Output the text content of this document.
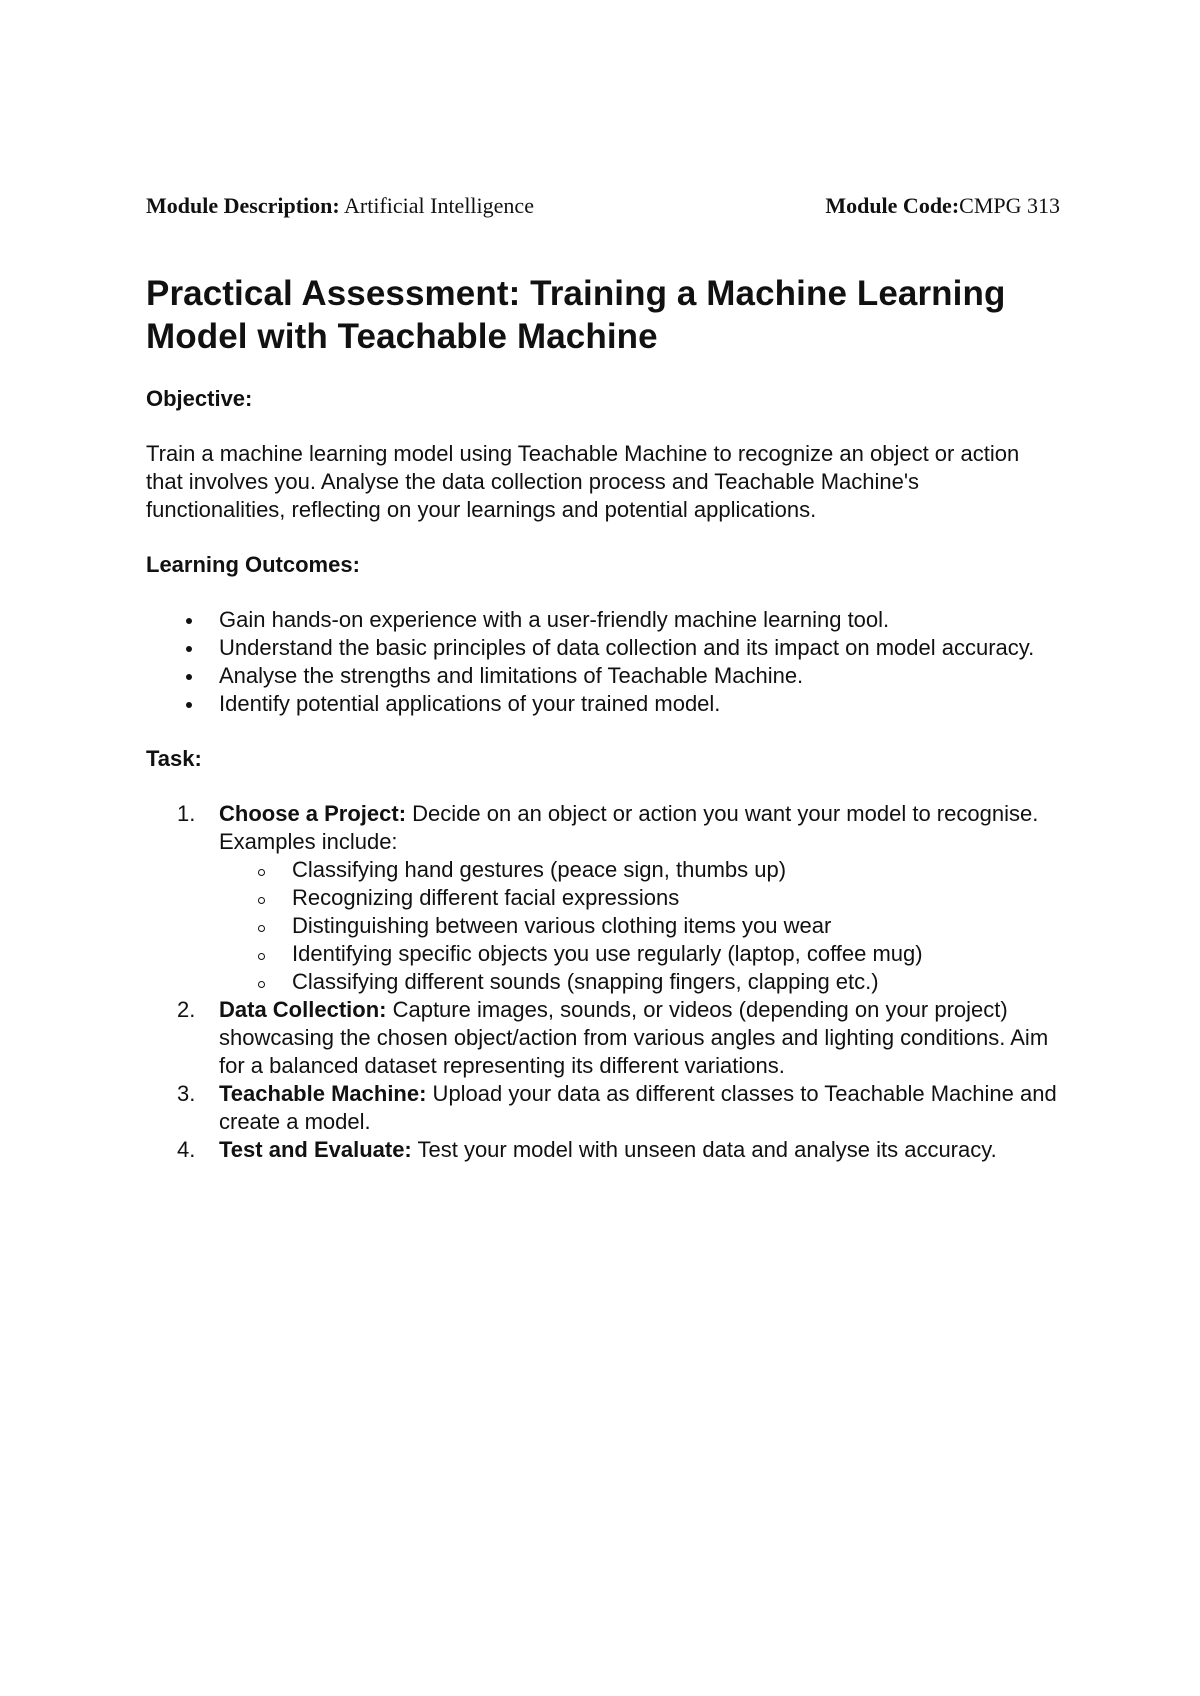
Module Description: Artificial Intelligence	Module Code:CMPG 313
Practical Assessment: Training a Machine Learning Model with Teachable Machine
Objective:

Train a machine learning model using Teachable Machine to recognize an object or action that involves you. Analyse the data collection process and Teachable Machine's functionalities, reflecting on your learnings and potential applications.

Learning Outcomes:
Gain hands-on experience with a user-friendly machine learning tool.
Understand the basic principles of data collection and its impact on model accuracy.
Analyse the strengths and limitations of Teachable Machine.
Identify potential applications of your trained model.
Task:
1. Choose a Project: Decide on an object or action you want your model to recognise. Examples include:
Classifying hand gestures (peace sign, thumbs up)
Recognizing different facial expressions
Distinguishing between various clothing items you wear
Identifying specific objects you use regularly (laptop, coffee mug)
Classifying different sounds (snapping fingers, clapping etc.)
2. Data Collection: Capture images, sounds, or videos (depending on your project) showcasing the chosen object/action from various angles and lighting conditions. Aim for a balanced dataset representing its different variations.
3. Teachable Machine: Upload your data as different classes to Teachable Machine and create a model.
4. Test and Evaluate: Test your model with unseen data and analyse its accuracy.
